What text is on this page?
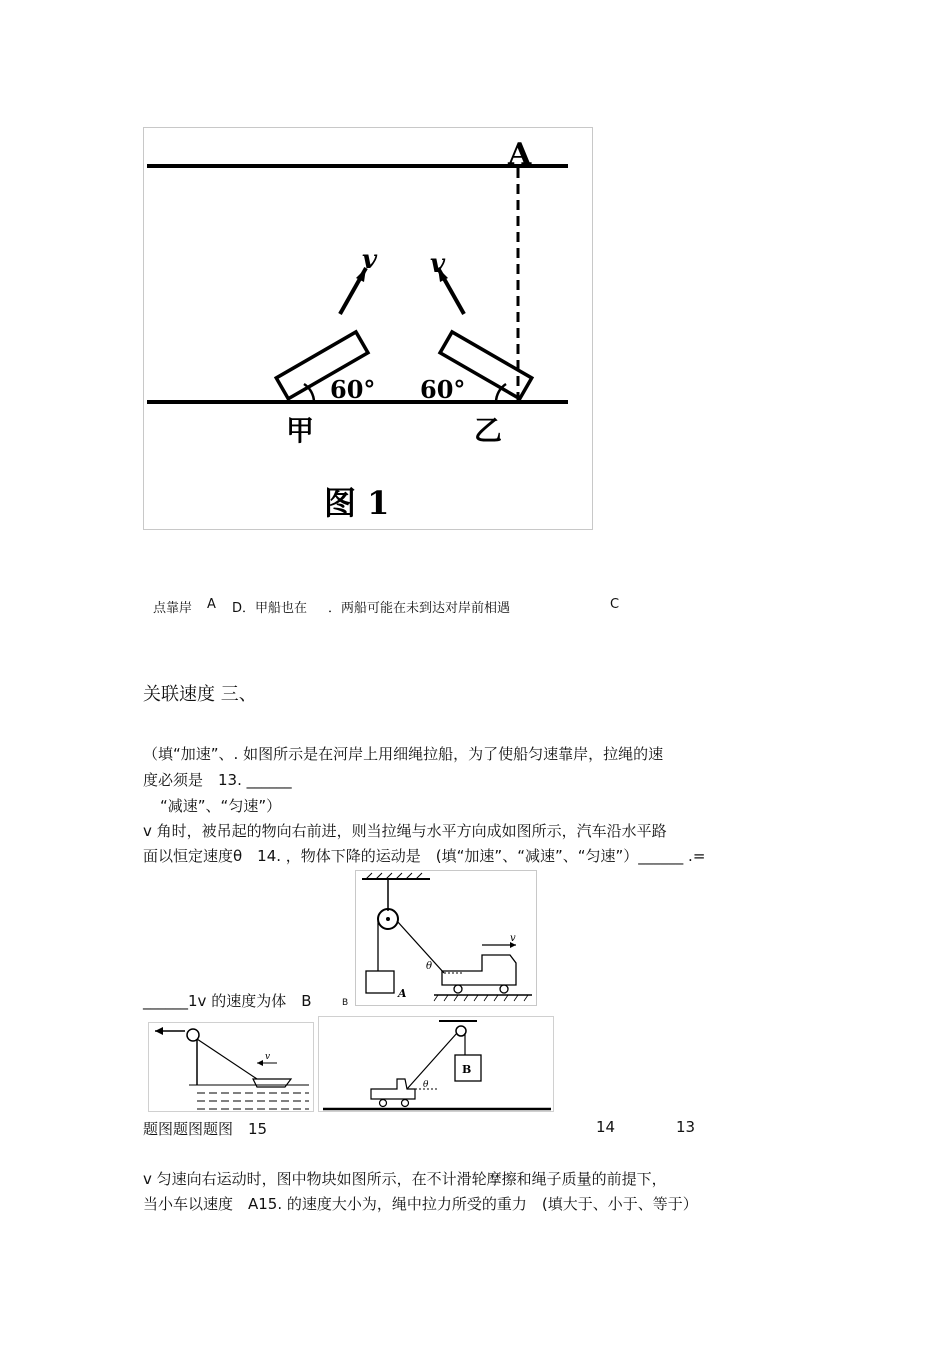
A
v v
60° 60°
甲	乙
图 1
点靠岸 A D．甲船也在 ．两船可能在未到达对岸前相遇	C
关联速度 三、
（填“加速”、. 如图所示是在河岸上用细绳拉船，为了使船匀速靠岸，拉绳的速
度必须是　13. ______
“减速”、“匀速”）
v 角时，被吊起的物向右前进，则当拉绳与水平方向成如图所示，汽车沿水平路
面以恒定速度θ　14. ，物体下降的运动是　(填“加速”、“减速”、“匀速”）______ .=
A
θ
v
______1v 的速度为体　B	B
v
B
θ
题图题图题图　15	14	13
v 匀速向右运动时，图中物块如图所示，在不计滑轮摩擦和绳子质量的前提下，
当小车以速度　A15. 的速度大小为，绳中拉力所受的重力　(填大于、小于、等于）
